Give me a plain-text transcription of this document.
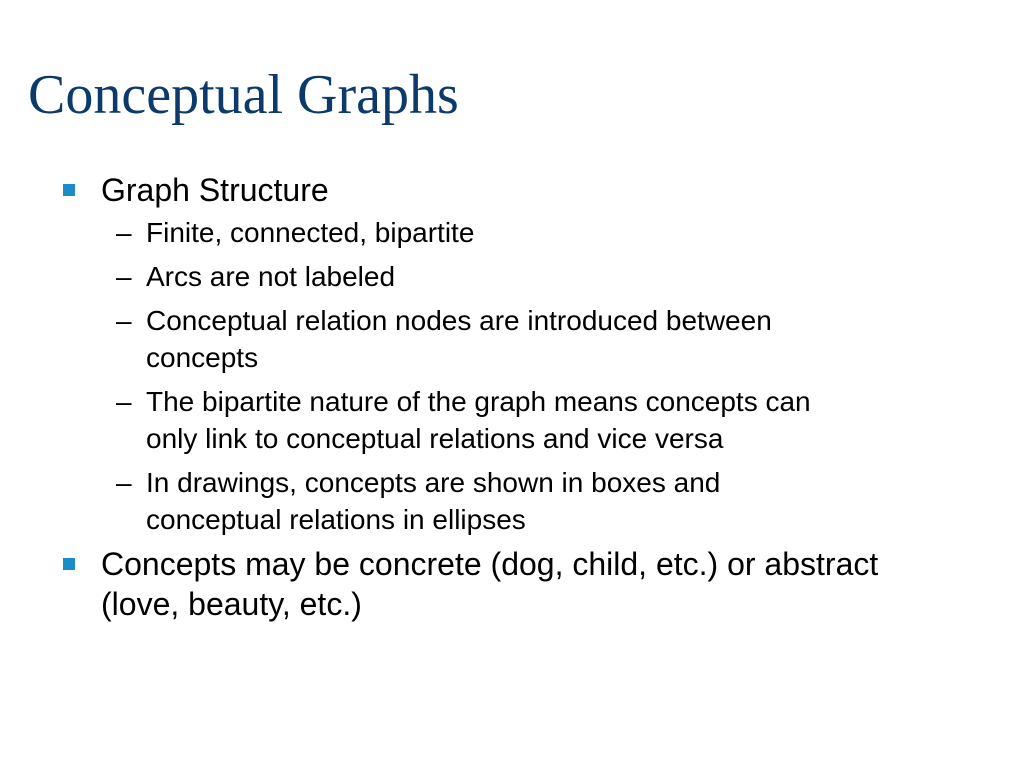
Conceptual Graphs
Graph Structure
– Finite, connected, bipartite
– Arcs are not labeled
– Conceptual relation nodes are introduced between concepts
– The bipartite nature of the graph means concepts can only link to conceptual relations and vice versa
– In drawings, concepts are shown in boxes and conceptual relations in ellipses
Concepts may be concrete (dog, child, etc.) or abstract (love, beauty, etc.)
